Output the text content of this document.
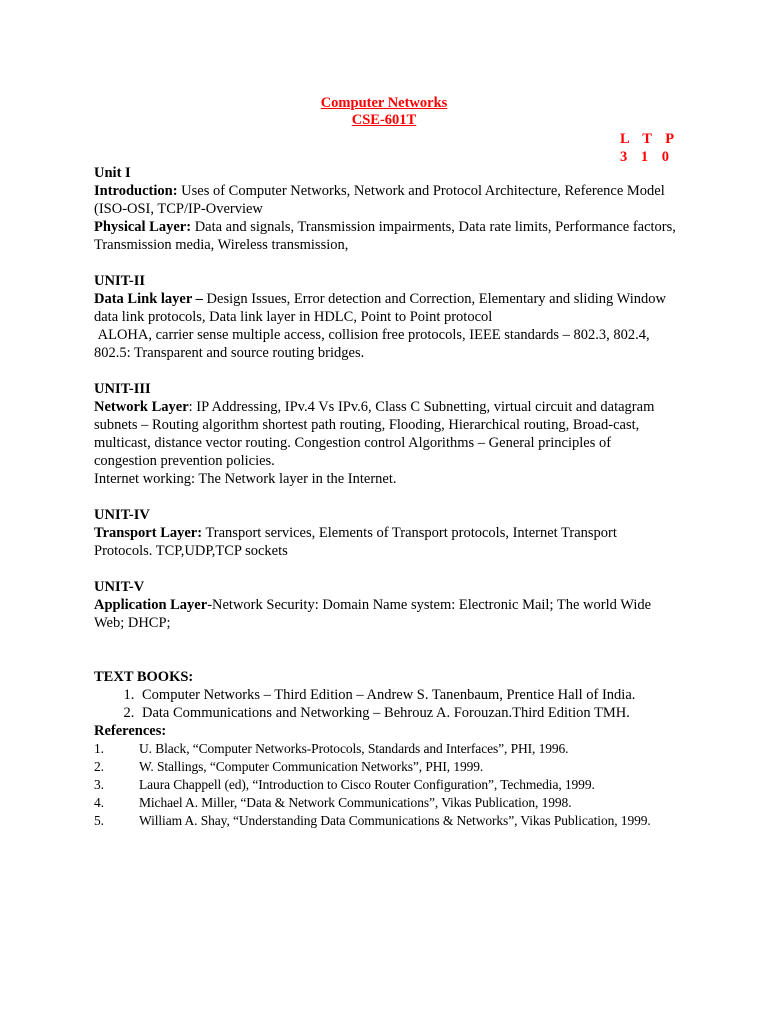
Computer Networks
CSE-601T
L T P
3 1 0

Unit I

Introduction: Uses of Computer Networks, Network and Protocol Architecture, Reference Model (ISO-OSI, TCP/IP-Overview

Physical Layer: Data and signals, Transmission impairments, Data rate limits, Performance factors, Transmission media, Wireless transmission,

UNIT-II

Data Link layer – Design Issues, Error detection and Correction, Elementary and sliding Window data link protocols, Data link layer in HDLC, Point to Point protocol

ALOHA, carrier sense multiple access, collision free protocols, IEEE standards – 802.3, 802.4, 802.5: Transparent and source routing bridges.

UNIT-III

Network Layer: IP Addressing, IPv.4 Vs IPv.6, Class C Subnetting, virtual circuit and datagram subnets – Routing algorithm shortest path routing, Flooding, Hierarchical routing, Broad-cast, multicast, distance vector routing. Congestion control Algorithms – General principles of congestion prevention policies.

Internet working: The Network layer in the Internet.

UNIT-IV

Transport Layer: Transport services, Elements of Transport protocols, Internet Transport Protocols. TCP,UDP,TCP sockets

UNIT-V

Application Layer-Network Security: Domain Name system: Electronic Mail; The world Wide Web; DHCP;

TEXT BOOKS:
1. Computer Networks – Third Edition – Andrew S. Tanenbaum, Prentice Hall of India.
2. Data Communications and Networking – Behrouz A. Forouzan.Third Edition TMH.
References:
1.	U. Black, “Computer Networks-Protocols, Standards and Interfaces”, PHI, 1996.
2.	W. Stallings, “Computer Communication Networks”, PHI, 1999.
3.	Laura Chappell (ed), “Introduction to Cisco Router Configuration”, Techmedia, 1999.
4.	Michael A. Miller, “Data & Network Communications”, Vikas Publication, 1998.
5.	William A. Shay, “Understanding Data Communications & Networks”, Vikas Publication, 1999.
